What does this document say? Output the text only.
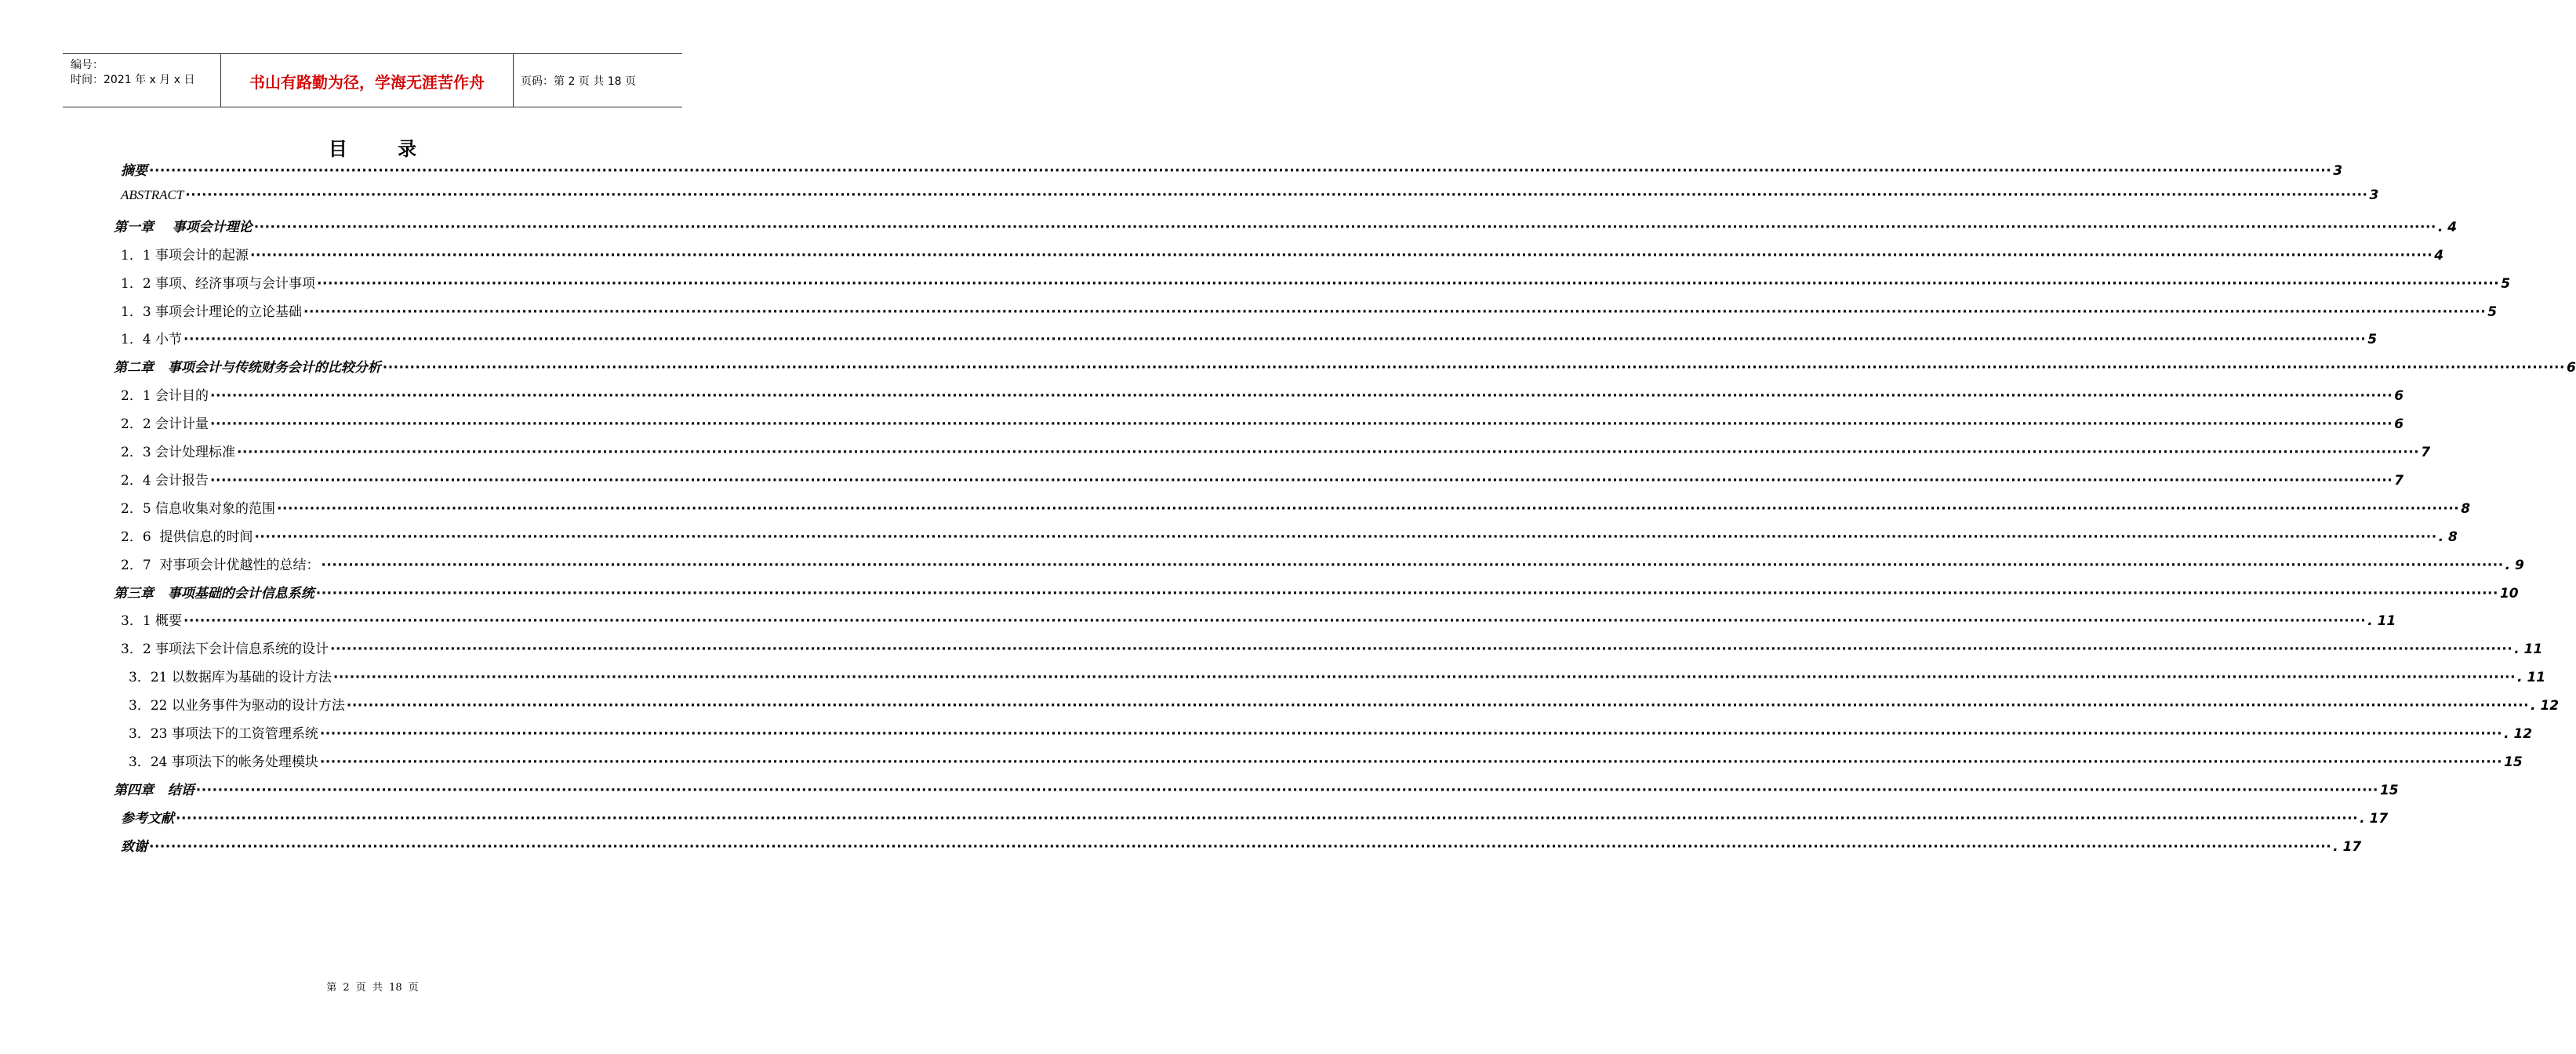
编号：
时间：2021 年 x 月 x 日	书山有路勤为径，学海无涯苦作舟	页码：第 2 页 共 18 页
目 录
摘要 ················································································································································································································································································································································································································ 3
ABSTRACT ················································································································································································································································································································································································································ 3
第一章    事项会计理论 ················································································································································································································································································································································································································ . 4
1．1 事项会计的起源 ················································································································································································································································································································································································································ 4
1．2 事项、经济事项与会计事项 ················································································································································································································································································································································································································ 5
1．3 事项会计理论的立论基础 ················································································································································································································································································································································································································ 5
1．4 小节 ················································································································································································································································································································································································································ 5
第二章   事项会计与传统财务会计的比较分析 ················································································································································································································································································································································································································ 6
2．1 会计目的 ················································································································································································································································································································································································································ 6
2．2 会计计量 ················································································································································································································································································································································································································ 6
2．3 会计处理标准 ················································································································································································································································································································································································································ 7
2．4 会计报告 ················································································································································································································································································································································································································ 7
2．5 信息收集对象的范围 ················································································································································································································································································································································································································ 8
2．6  提供信息的时间 ················································································································································································································································································································································································································ . 8
2．7  对事项会计优越性的总结： ················································································································································································································································································································································································································ . 9
第三章   事项基础的会计信息系统 ················································································································································································································································································································································································································ 10
3．1 概要 ················································································································································································································································································································································································································ . 11
3．2 事项法下会计信息系统的设计 ················································································································································································································································································································································································································ . 11
3．21 以数据库为基础的设计方法 ················································································································································································································································································································································································································ . 11
3．22 以业务事件为驱动的设计方法 ················································································································································································································································································································································································································ . 12
3．23 事项法下的工资管理系统 ················································································································································································································································································································································································································ . 12
3．24 事项法下的帐务处理模块 ················································································································································································································································································································································································································ 15
第四章   结语 ················································································································································································································································································································································································································ 15
参考文献 ················································································································································································································································································································································································································ . 17
致谢 ················································································································································································································································································································································································································ . 17
第 2 页 共 18 页
